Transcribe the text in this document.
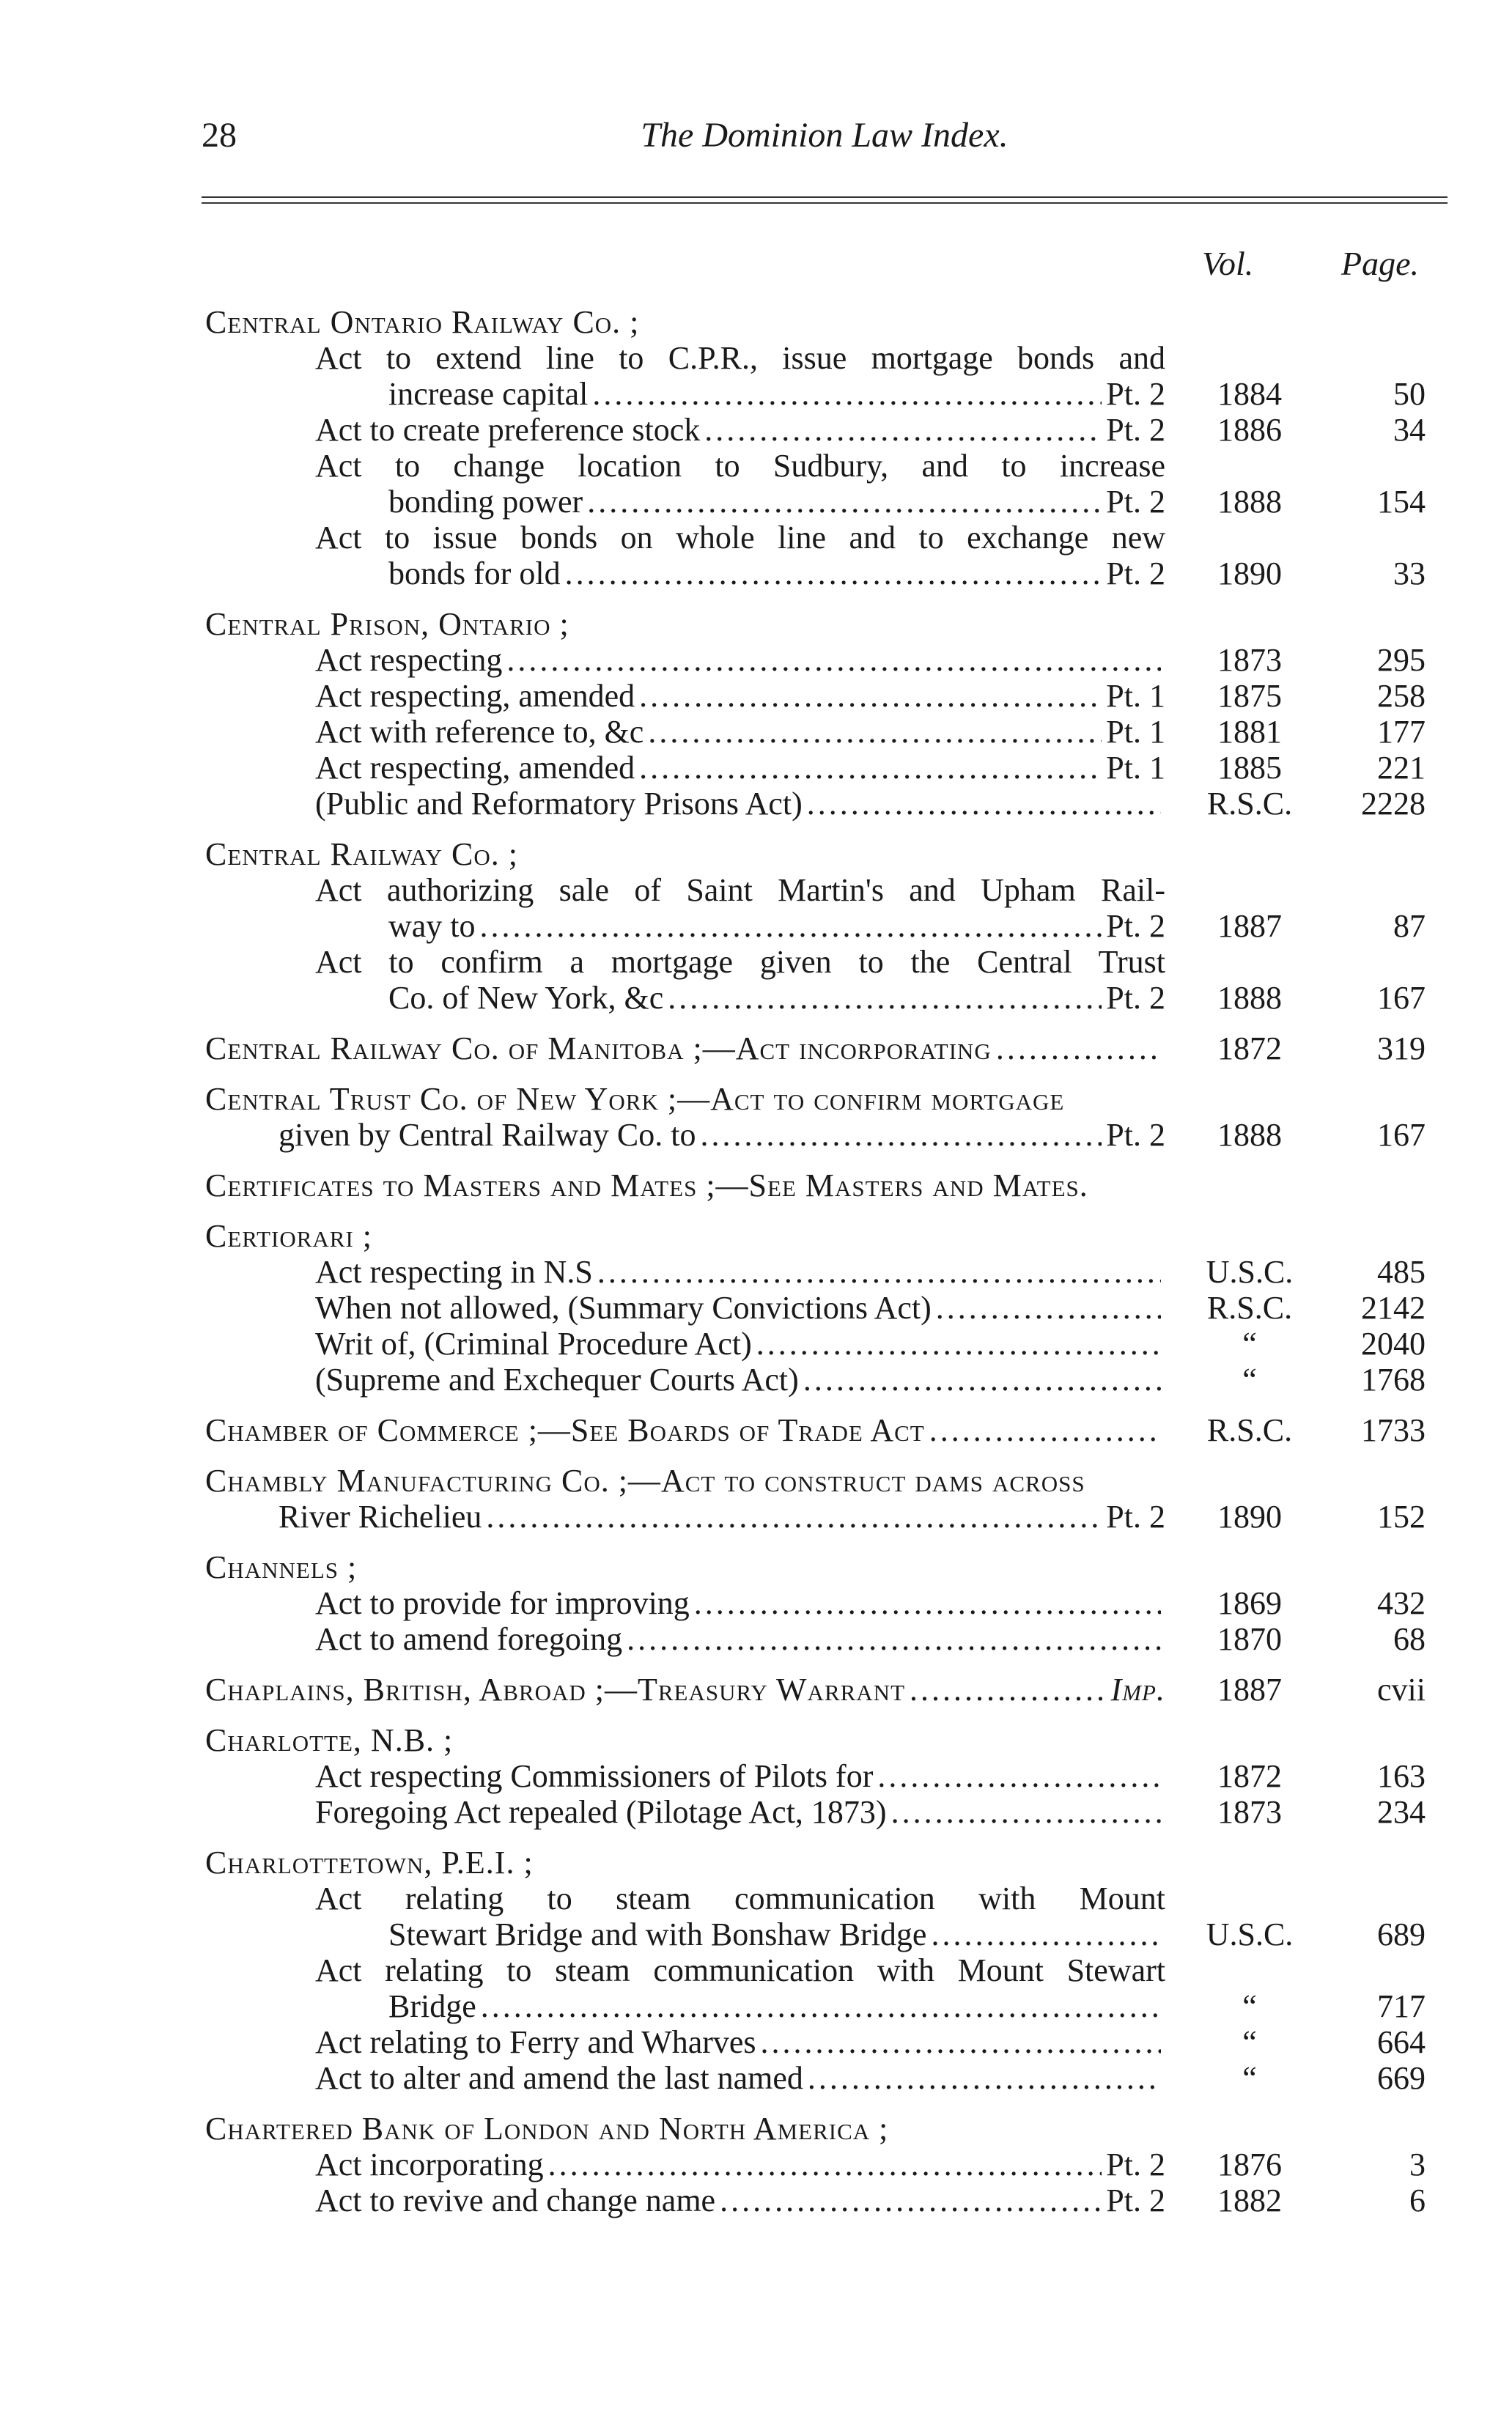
28	The Dominion Law Index.
Vol.	Page.
Central Ontario Railway Co. ;
Act to extend line to C.P.R., issue mortgage bonds and
increase capital .....	Pt. 2	1884	50
Act to create preference stock .....	Pt. 2	1886	34
Act to change location to Sudbury, and to increase
bonding power .....	Pt. 2	1888	154
Act to issue bonds on whole line and to exchange new
bonds for old .....	Pt. 2	1890	33
Central Prison, Ontario ;
Act respecting .....	1873	295
Act respecting, amended .....	Pt. 1	1875	258
Act with reference to, &c .....	Pt. 1	1881	177
Act respecting, amended .....	Pt. 1	1885	221
(Public and Reformatory Prisons Act) .....	R.S.C.	2228
Central Railway Co. ;
Act authorizing sale of Saint Martin's and Upham Rail-
way to .....	Pt. 2	1887	87
Act to confirm a mortgage given to the Central Trust
Co. of New York, &c .....	Pt. 2	1888	167
Central Railway Co. of Manitoba ;—Act incorporating .....	1872	319
Central Trust Co. of New York ;—Act to confirm mortgage
given by Central Railway Co. to .....	Pt. 2	1888	167
Certificates to Masters and Mates ;—See Masters and Mates.
Certiorari ;
Act respecting in N.S .....	U.S.C.	485
When not allowed, (Summary Convictions Act) .....	R.S.C.	2142
Writ of, (Criminal Procedure Act) .....	“	2040
(Supreme and Exchequer Courts Act) .....	“	1768
Chamber of Commerce ;—See Boards of Trade Act .....	R.S.C.	1733
Chambly Manufacturing Co. ;—Act to construct dams across
River Richelieu .....	Pt. 2	1890	152
Channels ;
Act to provide for improving .....	1869	432
Act to amend foregoing .....	1870	68
Chaplains, British, Abroad ;—Treasury Warrant .....	Imp.	1887	cvii
Charlotte, N.B. ;
Act respecting Commissioners of Pilots for .....	1872	163
Foregoing Act repealed (Pilotage Act, 1873) .....	1873	234
Charlottetown, P.E.I. ;
Act relating to steam communication with Mount
Stewart Bridge and with Bonshaw Bridge .....	U.S.C.	689
Act relating to steam communication with Mount Stewart
Bridge .....	“	717
Act relating to Ferry and Wharves .....	“	664
Act to alter and amend the last named .....	“	669
Chartered Bank of London and North America ;
Act incorporating .....	Pt. 2	1876	3
Act to revive and change name .....	Pt. 2	1882	6
